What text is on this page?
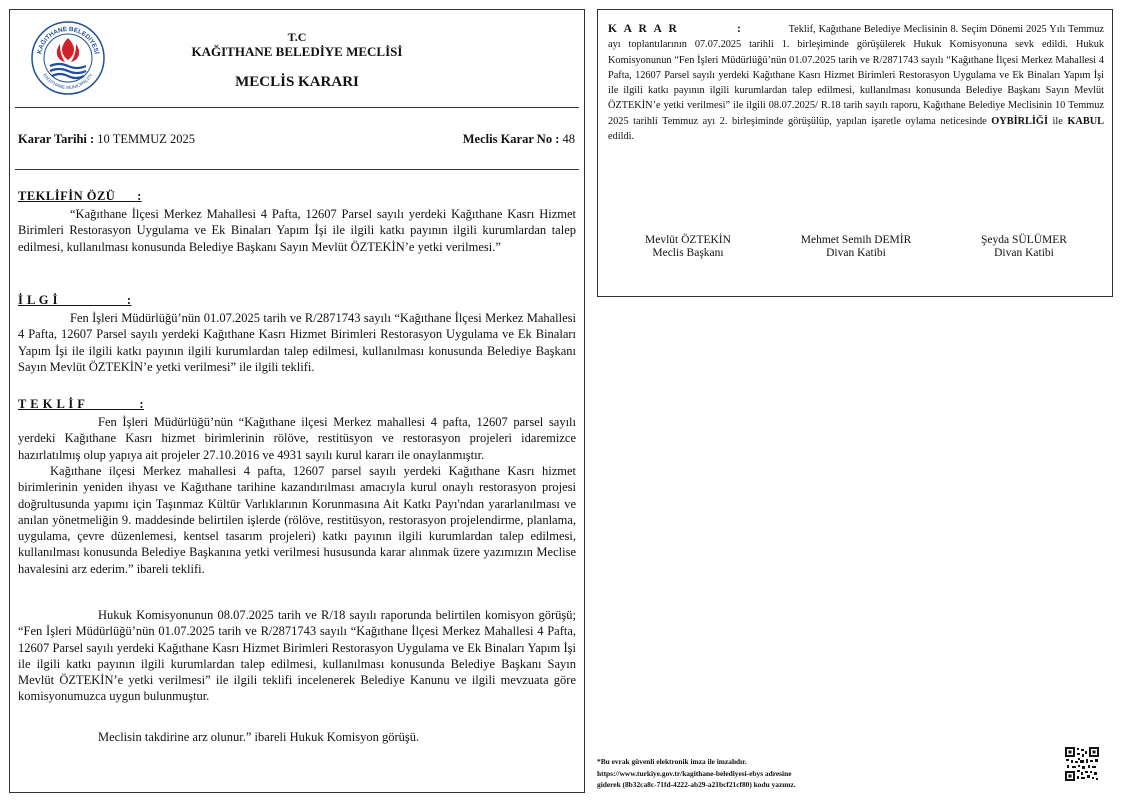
KAĞITHANE BELEDİYESİ
KAGITHANE MUNICIPALITY
T.C
KAĞITHANE BELEDİYE MECLİSİ
MECLİS KARARI
Karar Tarihi : 10 TEMMUZ 2025	Meclis Karar No : 48
TEKLİFİN ÖZÜ      :

“Kağıthane İlçesi Merkez Mahallesi 4 Pafta, 12607 Parsel sayılı yerdeki Kağıthane Kasrı Hizmet Birimleri Restorasyon Uygulama ve Ek Binaları Yapım İşi ile ilgili katkı payının ilgili kurumlardan talep edilmesi, kullanılması konusunda Belediye Başkanı Sayın Mevlüt ÖZTEKİN’e yetki verilmesi.”

İ L G İ                   :

Fen İşleri Müdürlüğü’nün 01.07.2025 tarih ve R/2871743 sayılı “Kağıthane İlçesi Merkez Mahallesi 4 Pafta, 12607 Parsel sayılı yerdeki Kağıthane Kasrı Hizmet Birimleri Restorasyon Uygulama ve Ek Binaları Yapım İşi ile ilgili katkı payının ilgili kurumlardan talep edilmesi, kullanılması konusunda Belediye Başkanı Sayın Mevlüt ÖZTEKİN’e yetki verilmesi” ile ilgili teklifi.

T E K L İ F               :

Fen İşleri Müdürlüğü’nün “Kağıthane ilçesi Merkez mahallesi 4 pafta, 12607 parsel sayılı yerdeki Kağıthane Kasrı hizmet birimlerinin rölöve, restitüsyon ve restorasyon projeleri idaremizce hazırlatılmış olup yapıya ait projeler 27.10.2016 ve 4931 sayılı kurul kararı ile onaylanmıştır.

Kağıthane ilçesi Merkez mahallesi 4 pafta, 12607 parsel sayılı yerdeki Kağıthane Kasrı hizmet birimlerinin yeniden ihyası ve Kağıthane tarihine kazandırılması amacıyla kurul onaylı restorasyon projesi doğrultusunda yapımı için Taşınmaz Kültür Varlıklarının Korunmasına Ait Katkı Payı'ndan yararlanılması ve anılan yönetmeliğin 9. maddesinde belirtilen işlerde (rölöve, restitüsyon, restorasyon projelendirme, planlama, uygulama, çevre düzenlemesi, kentsel tasarım projeleri) katkı payının ilgili kurumlardan talep edilmesi, kullanılması konusunda Belediye Başkanına yetki verilmesi hususunda karar alınmak üzere yazımızın Meclise havalesini arz ederim.” ibareli teklifi.

Hukuk Komisyonunun 08.07.2025 tarih ve R/18 sayılı raporunda belirtilen komisyon görüşü; “Fen İşleri Müdürlüğü’nün 01.07.2025 tarih ve R/2871743 sayılı “Kağıthane İlçesi Merkez Mahallesi 4 Pafta, 12607 Parsel sayılı yerdeki Kağıthane Kasrı Hizmet Birimleri Restorasyon Uygulama ve Ek Binaları Yapım İşi ile ilgili katkı payının ilgili kurumlardan talep edilmesi, kullanılması konusunda Belediye Başkanı Sayın Mevlüt ÖZTEKİN’e yetki verilmesi” ile ilgili teklifi incelenerek Belediye Kanunu ve ilgili mevzuata göre komisyonumuzca uygun bulunmuştur.

Meclisin takdirine arz olunur.” ibareli Hukuk Komisyon görüşü.

K A R A R           :	Teklif, Kağıthane Belediye Meclisinin 8. Seçim Dönemi 2025 Yılı Temmuz ayı toplantılarının 07.07.2025 tarihli 1. birleşiminde görüşülerek Hukuk Komisyonuna sevk edildi. Hukuk Komisyonunun “Fen İşleri Müdürlüğü’nün 01.07.2025 tarih ve R/2871743 sayılı “Kağıthane İlçesi Merkez Mahallesi 4 Pafta, 12607 Parsel sayılı yerdeki Kağıthane Kasrı Hizmet Birimleri Restorasyon Uygulama ve Ek Binaları Yapım İşi ile ilgili katkı payının ilgili kurumlardan talep edilmesi, kullanılması konusunda Belediye Başkanı Sayın Mevlüt ÖZTEKİN’e yetki verilmesi” ile ilgili 08.07.2025/ R.18 tarih sayılı raporu, Kağıthane Belediye Meclisinin 10 Temmuz 2025 tarihli Temmuz ayı 2. birleşiminde görüşülüp, yapılan işaretle oylama neticesinde OYBİRLİĞİ ile KABUL edildi.

Mevlüt ÖZTEKİN
Meclis Başkanı
Mehmet Semih DEMİR
Divan Katibi
Şeyda SÜLÜMER
Divan Katibi
*Bu evrak güvenli elektronik imza ile imzalıdır.
https://www.turkiye.gov.tr/kagithane-belediyesi-ebys adresine
giderek (8b32ca8c-71fd-4222-ab29-a21bcf21cf80) kodu yazınız.
